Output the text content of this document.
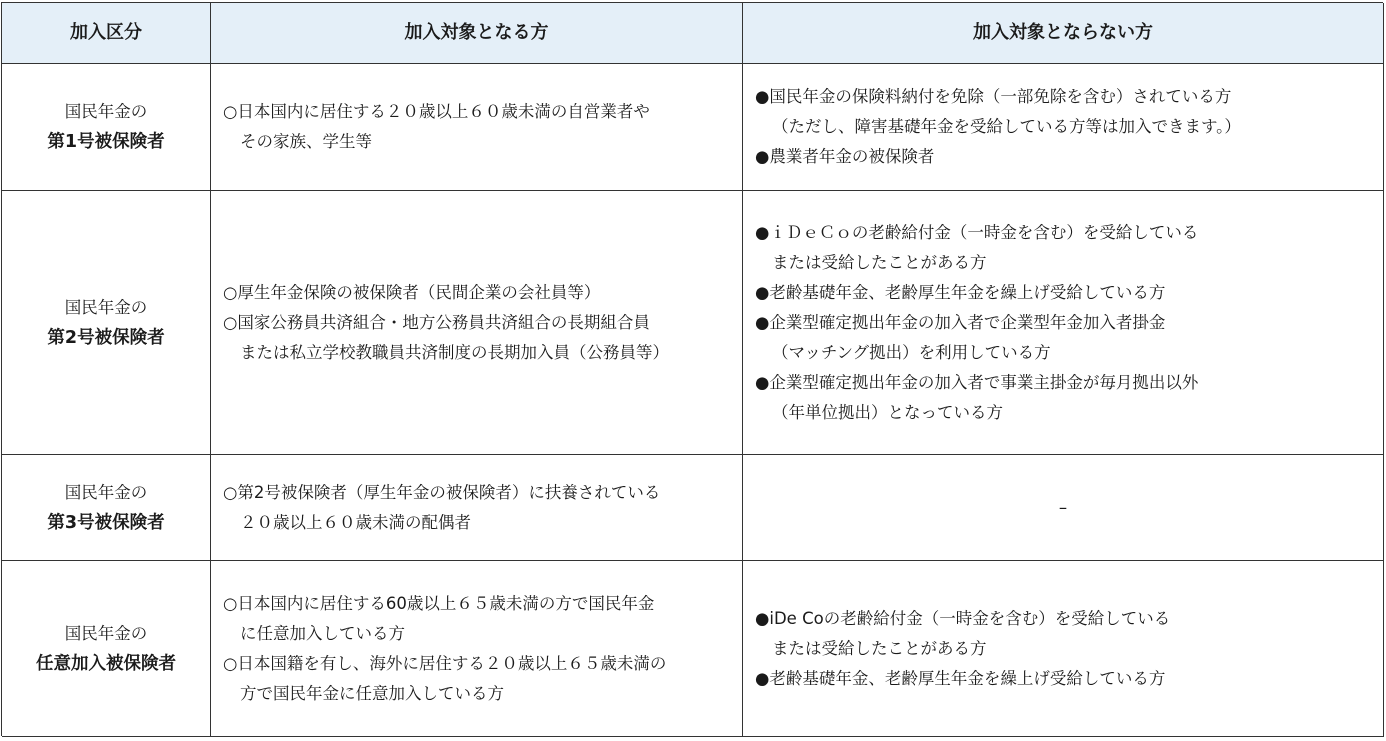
加入区分	加入対象となる方	加入対象とならない方
国民年金の
第1号被保険者
○日本国内に居住する２０歳以上６０歳未満の自営業者や
その家族、学生等
●国民年金の保険料納付を免除（一部免除を含む）されている方
（ただし、障害基礎年金を受給している方等は加入できます。）
●農業者年金の被保険者
国民年金の
第2号被保険者
○厚生年金保険の被保険者（民間企業の会社員等）
○国家公務員共済組合・地方公務員共済組合の長期組合員
または私立学校教職員共済制度の長期加入員（公務員等）
●ｉＤｅＣｏの老齢給付金（一時金を含む）を受給している
または受給したことがある方
●老齢基礎年金、老齢厚生年金を繰上げ受給している方
●企業型確定拠出年金の加入者で企業型年金加入者掛金
（マッチング拠出）を利用している方
●企業型確定拠出年金の加入者で事業主掛金が毎月拠出以外
（年単位拠出）となっている方
国民年金の
第3号被保険者
○第2号被保険者（厚生年金の被保険者）に扶養されている
２０歳以上６０歳未満の配偶者
–
国民年金の
任意加入被保険者
○日本国内に居住する60歳以上６５歳未満の方で国民年金
に任意加入している方
○日本国籍を有し、海外に居住する２０歳以上６５歳未満の
方で国民年金に任意加入している方
●iDe Coの老齢給付金（一時金を含む）を受給している
または受給したことがある方
●老齢基礎年金、老齢厚生年金を繰上げ受給している方
